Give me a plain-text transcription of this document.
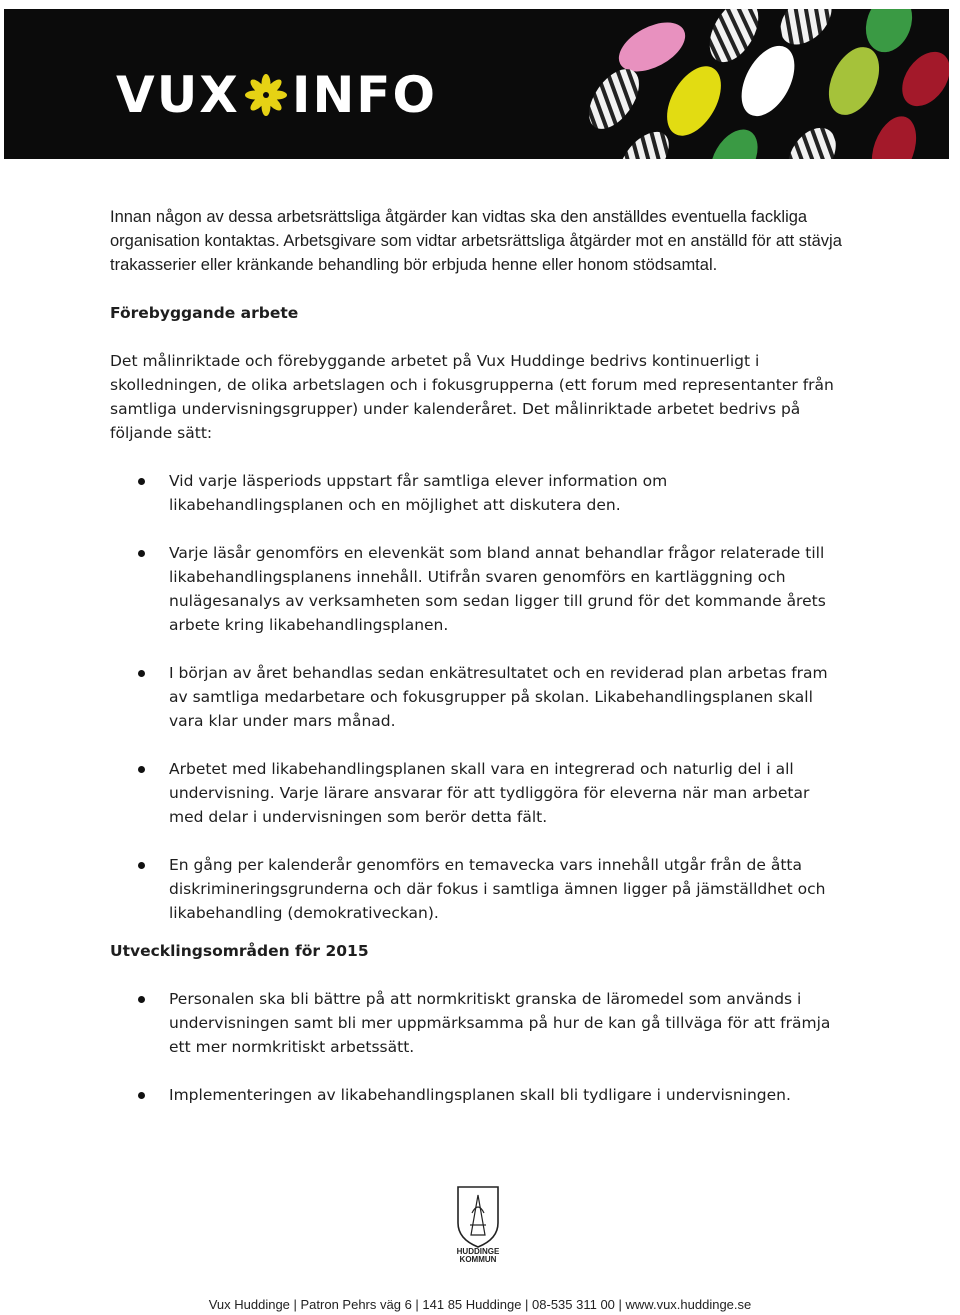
VUX INFO

Innan någon av dessa arbetsrättsliga åtgärder kan vidtas ska den anställdes eventuella fackliga organisation kontaktas. Arbetsgivare som vidtar arbetsrättsliga åtgärder mot en anställd för att stävja trakasserier eller kränkande behandling bör erbjuda henne eller honom stödsamtal.

Förebyggande arbete

Det målinriktade och förebyggande arbetet på Vux Huddinge bedrivs kontinuerligt i skolledningen, de olika arbetslagen och i fokusgrupperna (ett forum med representanter från samtliga undervisningsgrupper) under kalenderåret. Det målinriktade arbetet bedrivs på följande sätt:

Vid varje läsperiods uppstart får samtliga elever information om likabehandlingsplanen och en möjlighet att diskutera den.
Varje läsår genomförs en elevenkät som bland annat behandlar frågor relaterade till likabehandlingsplanens innehåll. Utifrån svaren genomförs en kartläggning och nulägesanalys av verksamheten som sedan ligger till grund för det kommande årets arbete kring likabehandlingsplanen.
I början av året behandlas sedan enkätresultatet och en reviderad plan arbetas fram av samtliga medarbetare och fokusgrupper på skolan. Likabehandlingsplanen skall vara klar under mars månad.
Arbetet med likabehandlingsplanen skall vara en integrerad och naturlig del i all undervisning. Varje lärare ansvarar för att tydliggöra för eleverna när man arbetar med delar i undervisningen som berör detta fält.
En gång per kalenderår genomförs en temavecka vars innehåll utgår från de åtta diskrimineringsgrunderna och där fokus i samtliga ämnen ligger på jämställdhet och likabehandling (demokrativeckan).
Utvecklingsområden för 2015
Personalen ska bli bättre på att normkritiskt granska de läromedel som används i undervisningen samt bli mer uppmärksamma på hur de kan gå tillväga för att främja ett mer normkritiskt arbetssätt.
Implementeringen av likabehandlingsplanen skall bli tydligare i undervisningen.
HUDDINGE
KOMMUN
Vux Huddinge | Patron Pehrs väg 6 | 141 85 Huddinge | 08-535 311 00 | www.vux.huddinge.se
